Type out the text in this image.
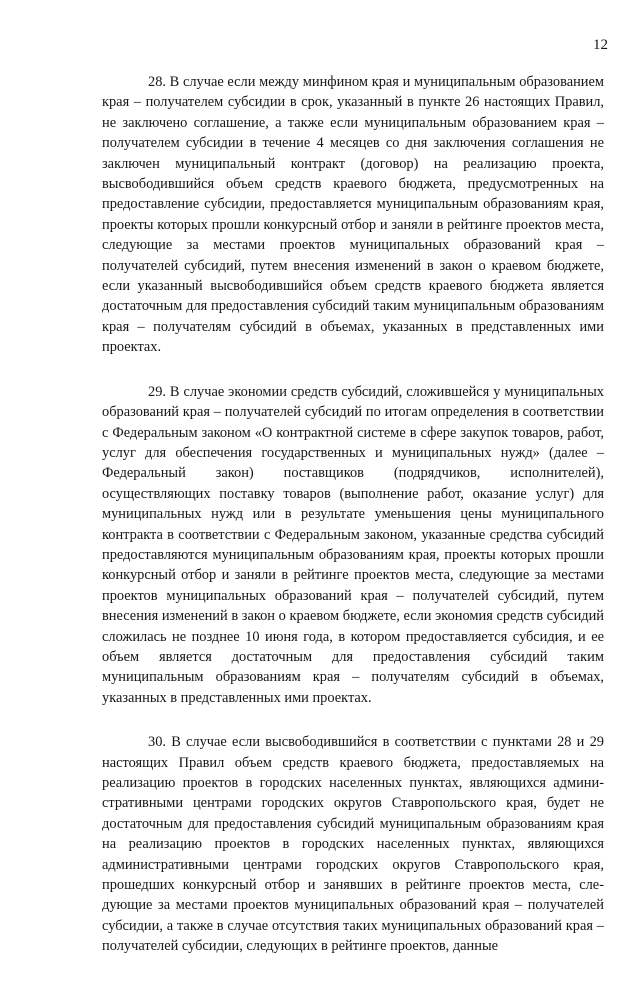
12

28. В случае если между минфином края и муниципальным образованием края – получателем субсидии в срок, указанный в пункте 26 настоящих Правил, не заключено соглашение, а также если муниципальным образованием края – получателем субсидии в течение 4 месяцев со дня заключения соглашения не заключен муниципальный контракт (договор) на реализацию проекта, высвободившийся объем средств краевого бюджета, предусмотренных на предоставление субсидии, предоставляется муниципальным образованиям края, проекты которых прошли конкурсный отбор и заняли в рейтинге проектов места, следующие за местами проектов муниципальных образований края – получателей субсидий, путем внесения изменений в закон о краевом бюджете, если указанный высвободившийся объем средств краевого бюджета является достаточным для предоставления субсидий таким муниципальным образованиям края – получателям субсидий в объемах, указанных в представленных ими проектах.

29. В случае экономии средств субсидий, сложившейся у муниципальных образований края – получателей субсидий по итогам определения в соответствии с Федеральным законом «О контрактной системе в сфере закупок товаров, работ, услуг для обеспечения государственных и муниципальных нужд» (далее – Федеральный закон) поставщиков (подрядчиков, исполнителей), осуществляющих поставку товаров (выполнение работ, оказание услуг) для муниципальных нужд или в результате уменьшения цены муниципального контракта в соответствии с Федеральным законом, указанные средства субсидий предоставляются муниципальным образованиям края, проекты которых прошли конкурсный отбор и заняли в рейтинге проектов места, следующие за местами проектов муниципальных образований края – получателей субсидий, путем внесения изменений в закон о краевом бюджете, если экономия средств субсидий сложилась не позднее 10 июня года, в котором предоставляется субсидия, и ее объем является достаточным для предоставления субсидий таким муниципальным образованиям края – получателям субсидий в объемах, указанных в представленных ими проектах.

30. В случае если высвободившийся в соответствии с пунктами 28 и 29 настоящих Правил объем средств краевого бюджета, предоставляемых на реализацию проектов в городских населенных пунктах, являющихся административными центрами городских округов Ставропольского края, будет не достаточным для предоставления субсидий муниципальным образованиям края на реализацию проектов в городских населенных пунктах, являющихся административными центрами городских округов Ставропольского края, прошедших конкурсный отбор и занявших в рейтинге проектов места, следующие за местами проектов муниципальных образований края – получателей субсидии, а также в случае отсутствия таких муниципальных образований края – получателей субсидии, следующих в рейтинге проектов, данные
